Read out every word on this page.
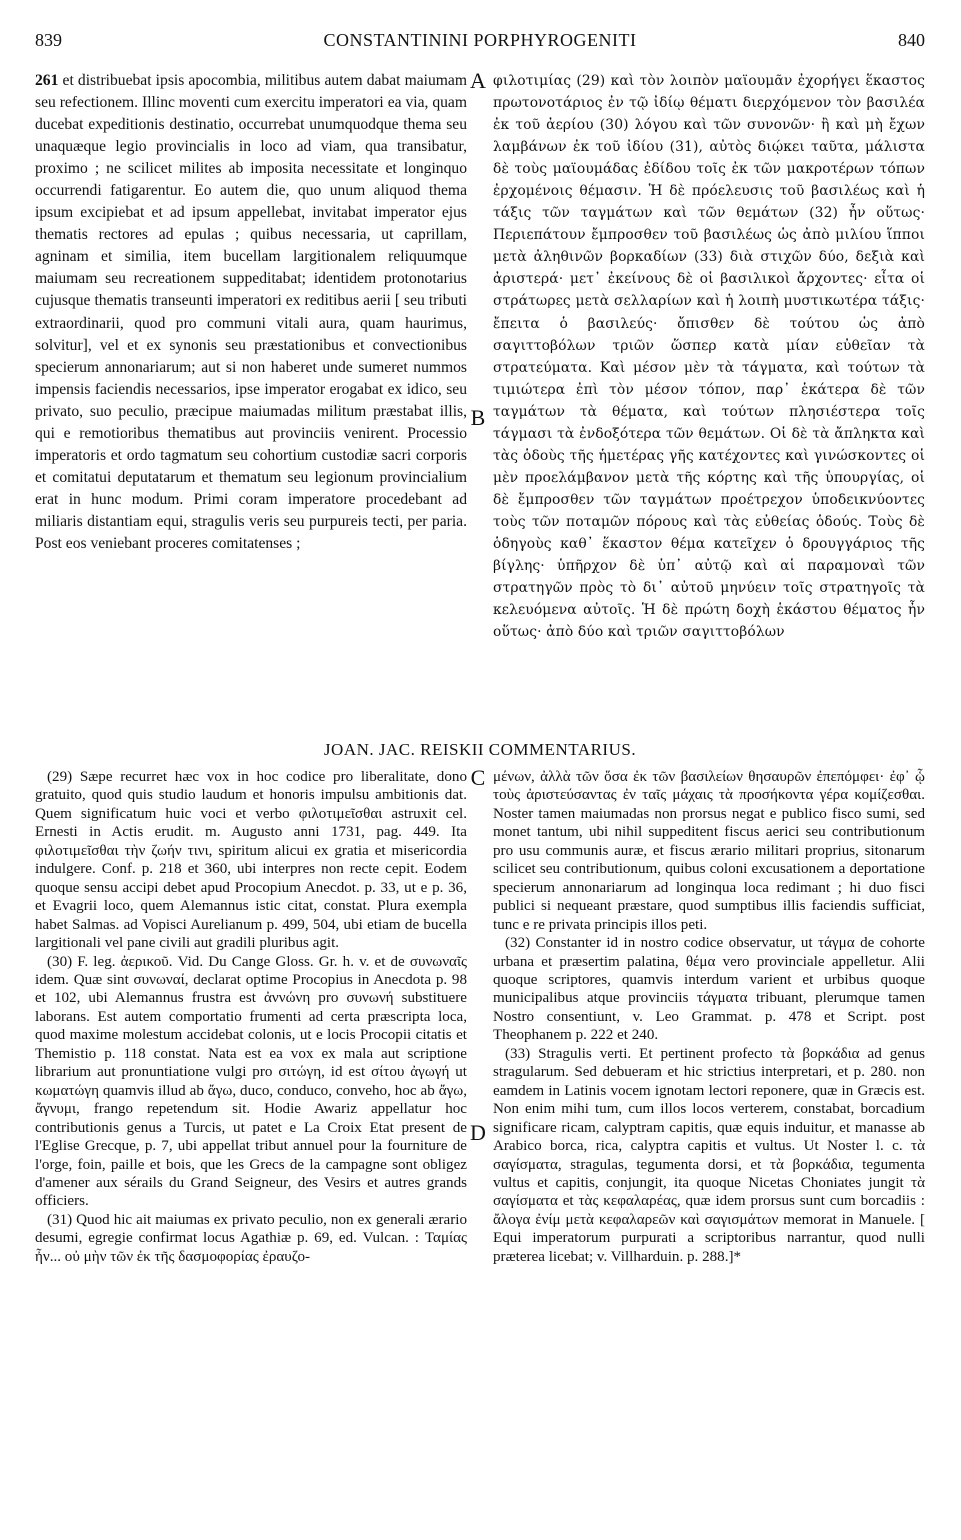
839	CONSTANTININI PORPHYROGENITI	840

261 et distribuebat ipsis apocombia, militibus autem dabat maiumam seu refectionem. Illinc moventi cum exercitu imperatori ea via, quam ducebat expeditionis destinatio, occurrebat unumquodque thema seu unaquæque legio provincialis in loco ad viam, qua transibatur, proximo ; ne scilicet milites ab imposita necessitate et longinquo occurrendi fatigarentur. Eo autem die, quo unum aliquod thema ipsum excipiebat et ad ipsum appellebat, invitabat imperator ejus thematis rectores ad epulas ; quibus necessaria, ut caprillam, agninam et similia, item bucellam largitionalem reliquumque maiumam seu recreationem suppeditabat; identidem protonotarius cujusque thematis transeunti imperatori ex reditibus aerii [ seu tributi extraordinarii, quod pro communi vitali aura, quam haurimus, solvitur], vel et ex synonis seu præstationibus et convectionibus specierum annonariarum; aut si non haberet unde sumeret nummos impensis faciendis necessarios, ipse imperator erogabat ex idico, seu privato, suo peculio, præcipue maiumadas militum præstabat illis, qui e remotioribus thematibus aut provinciis venirent. Processio imperatoris et ordo tagmatum seu cohortium custodiæ sacri corporis et comitatui deputatarum et thematum seu legionum provincialium erat in hunc modum. Primi coram imperatore procedebant ad miliaris distantiam equi, stragulis veris seu purpureis tecti, per paria. Post eos veniebant proceres comitatenses ;

A
B
C
D

φιλοτιμίας (29) καὶ τὸν λοιπὸν μαϊουμᾶν ἐχορήγει ἕκαστος πρωτονοτάριος ἐν τῷ ἰδίῳ θέματι διερχόμενον τὸν βασιλέα ἐκ τοῦ ἀερίου (30) λόγου καὶ τῶν συνονῶν· ἢ καὶ μὴ ἔχων λαμβάνων ἐκ τοῦ ἰδίου (31), αὐτὸς διῴκει ταῦτα, μάλιστα δὲ τοὺς μαϊουμάδας ἐδίδου τοῖς ἐκ τῶν μακροτέρων τόπων ἐρχομένοις θέμασιν. Ἡ δὲ πρόελευσις τοῦ βασιλέως καὶ ἡ τάξις τῶν ταγμάτων καὶ τῶν θεμάτων (32) ἦν οὕτως· Περιεπάτουν ἔμπροσθεν τοῦ βασιλέως ὡς ἀπὸ μιλίου ἵπποι μετὰ ἀληθινῶν βορκαδίων (33) διὰ στιχῶν δύο, δεξιὰ καὶ ἀριστερά· μετ᾽ ἐκείνους δὲ οἱ βασιλικοὶ ἄρχοντες· εἶτα οἱ στράτωρες μετὰ σελλαρίων καὶ ἡ λοιπὴ μυστικωτέρα τάξις· ἔπειτα ὁ βασιλεύς· ὄπισθεν δὲ τούτου ὡς ἀπὸ σαγιττοβόλων τριῶν ὥσπερ κατὰ μίαν εὐθεῖαν τὰ στρατεύματα. Καὶ μέσον μὲν τὰ τάγματα, καὶ τούτων τὰ τιμιώτερα ἐπὶ τὸν μέσον τόπον, παρ᾽ ἑκάτερα δὲ τῶν ταγμάτων τὰ θέματα, καὶ τούτων πλησιέστερα τοῖς τάγμασι τὰ ἐνδοξότερα τῶν θεμάτων. Οἱ δὲ τὰ ἄπληκτα καὶ τὰς ὁδοὺς τῆς ἡμετέρας γῆς κατέχοντες καὶ γινώσκοντες οἱ μὲν προελάμβανον μετὰ τῆς κόρτης καὶ τῆς ὑπουργίας, οἱ δὲ ἔμπροσθεν τῶν ταγμάτων προέτρεχον ὑποδεικνύοντες τοὺς τῶν ποταμῶν πόρους καὶ τὰς εὐθείας ὁδούς. Τοὺς δὲ ὁδηγοὺς καθ᾽ ἕκαστον θέμα κατεῖχεν ὁ δρουγγάριος τῆς βίγλης· ὑπῆρχον δὲ ὑπ᾽ αὐτῷ καὶ αἱ παραμοναὶ τῶν στρατηγῶν πρὸς τὸ δι᾽ αὐτοῦ μηνύειν τοῖς στρατηγοῖς τὰ κελευόμενα αὐτοῖς. Ἡ δὲ πρώτη δοχὴ ἑκάστου θέματος ἦν οὕτως· ἀπὸ δύο καὶ τριῶν σαγιττοβόλων

JOAN. JAC. REISKII COMMENTARIUS.

(29) Sæpe recurret hæc vox in hoc codice pro liberalitate, dono gratuito, quod quis studio laudum et honoris impulsu ambitionis dat. Quem significatum huic voci et verbo φιλοτιμεῖσθαι astruxit cel. Ernesti in Actis erudit. m. Augusto anni 1731, pag. 449. Ita φιλοτιμεῖσθαι τὴν ζωήν τινι, spiritum alicui ex gratia et misericordia indulgere. Conf. p. 218 et 360, ubi interpres non recte cepit. Eodem quoque sensu accipi debet apud Procopium Anecdot. p. 33, ut e p. 36, et Evagrii loco, quem Alemannus istic citat, constat. Plura exempla habet Salmas. ad Vopisci Aurelianum p. 499, 504, ubi etiam de bucella largitionali vel pane civili aut gradili pluribus agit.

(30) F. leg. ἀερικοῦ. Vid. Du Cange Gloss. Gr. h. v. et de συνωναῖς idem. Quæ sint συνωναί, declarat optime Procopius in Anecdota p. 98 et 102, ubi Alemannus frustra est ἀννώνη pro συνωνή substituere laborans. Est autem comportatio frumenti ad certa præscripta loca, quod maxime molestum accidebat colonis, ut e locis Procopii citatis et Themistio p. 118 constat. Nata est ea vox ex mala aut scriptione librarium aut pronuntiatione vulgi pro σιτώγη, id est σίτου ἀγωγή ut κωματώγη quamvis illud ab ἄγω, duco, conduco, conveho, hoc ab ἄγω, ἄγνυμι, frango repetendum sit. Hodie Awariz appellatur hoc contributionis genus a Turcis, ut patet e La Croix Etat present de l'Eglise Grecque, p. 7, ubi appellat tribut annuel pour la fourniture de l'orge, foin, paille et bois, que les Grecs de la campagne sont obligez d'amener aux sérails du Grand Seigneur, des Vesirs et autres grands officiers.

(31) Quod hic ait maiumas ex privato peculio, non ex generali ærario desumi, egregie confirmat locus Agathiæ p. 69, ed. Vulcan. : Ταμίας ἦν... οὐ μὴν τῶν ἐκ τῆς δασμοφορίας ἐραυζο-

μένων, ἀλλὰ τῶν ὅσα ἐκ τῶν βασιλείων θησαυρῶν ἐπεπόμφει· ἐφ᾽ ᾧ τοὺς ἀριστεύσαντας ἐν ταῖς μάχαις τὰ προσήκοντα γέρα κομίζεσθαι. Noster tamen maiumadas non prorsus negat e publico fisco sumi, sed monet tantum, ubi nihil suppeditent fiscus aerici seu contributionum pro usu communis auræ, et fiscus ærario militari proprius, sitonarum scilicet seu contributionum, quibus coloni excusationem a deportatione specierum annonariarum ad longinqua loca redimant ; hi duo fisci publici si nequeant præstare, quod sumptibus illis faciendis sufficiat, tunc e re privata principis illos peti.

(32) Constanter id in nostro codice observatur, ut τάγμα de cohorte urbana et præsertim palatina, θέμα vero provinciale appelletur. Alii quoque scriptores, quamvis interdum varient et urbibus quoque municipalibus atque provinciis τάγματα tribuant, plerumque tamen Nostro consentiunt, v. Leo Grammat. p. 478 et Script. post Theophanem p. 222 et 240.

(33) Stragulis verti. Et pertinent profecto τὰ βορκάδια ad genus stragularum. Sed debueram et hic strictius interpretari, et p. 280. non eamdem in Latinis vocem ignotam lectori reponere, quæ in Græcis est. Non enim mihi tum, cum illos locos verterem, constabat, borcadium significare ricam, calyptram capitis, quæ equis induitur, et manasse ab Arabico borca, rica, calyptra capitis et vultus. Ut Noster l. c. τὰ σαγίσματα, stragulas, tegumenta dorsi, et τὰ βορκάδια, tegumenta vultus et capitis, conjungit, ita quoque Nicetas Choniates jungit τὰ σαγίσματα et τὰς κεφαλαρέας, quæ idem prorsus sunt cum borcadiis : ἄλογα ἐνίμ μετὰ κεφαλαρεῶν καὶ σαγισμάτων memorat in Manuele. [ Equi imperatorum purpurati a scriptoribus narrantur, quod nulli præterea licebat; v. Villharduin. p. 288.]*
